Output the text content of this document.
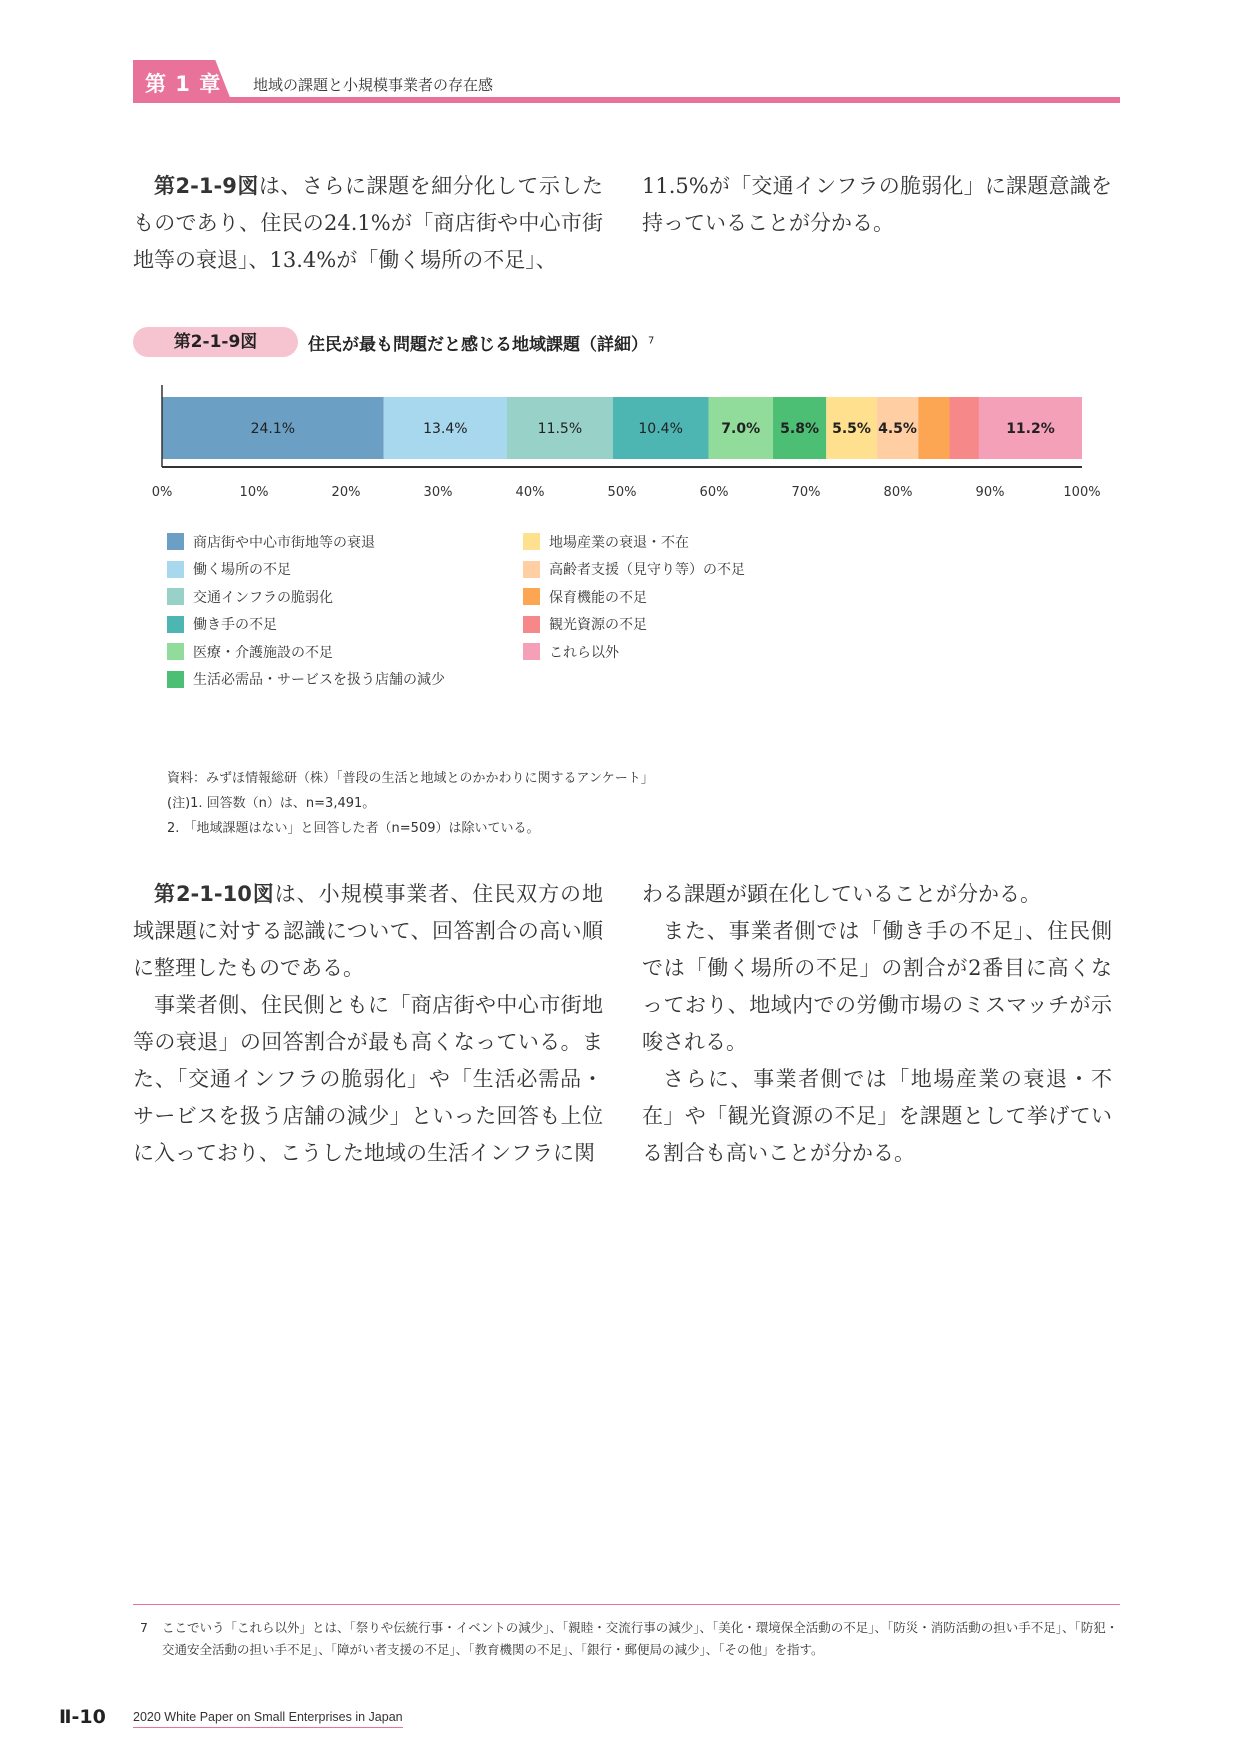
第 1 章 地域の課題と小規模事業者の存在感

第2-1-9図は、さらに課題を細分化して示したものであり、住民の24.1%が「商店街や中心市街地等の衰退」、13.4%が「働く場所の不足」、

11.5%が「交通インフラの脆弱化」に課題意識を持っていることが分かる。

第2-1-9図	住民が最も問題だと感じる地域課題（詳細）$^7$
24.1%	13.4%	11.5%	10.4%	7.0% 5.8% 5.5% 4.5%	11.2%
0%	10%	20%	30%	40%	50%	60%	70%	80%	90%	100%
商店街や中心市街地等の衰退
働く場所の不足
交通インフラの脆弱化
働き手の不足
医療・介護施設の不足
生活必需品・サービスを扱う店舗の減少
地場産業の衰退・不在
高齢者支援（見守り等）の不足
保育機能の不足
観光資源の不足
これら以外
資料：みずほ情報総研（株）「普段の生活と地域とのかかわりに関するアンケート」
(注)1. 回答数（n）は、n=3,491。
2. 「地域課題はない」と回答した者（n=509）は除いている。

第2-1-10図は、小規模事業者、住民双方の地域課題に対する認識について、回答割合の高い順に整理したものである。

事業者側、住民側ともに「商店街や中心市街地等の衰退」の回答割合が最も高くなっている。また、「交通インフラの脆弱化」や「生活必需品・サービスを扱う店舗の減少」といった回答も上位に入っており、こうした地域の生活インフラに関

わる課題が顕在化していることが分かる。

また、事業者側では「働き手の不足」、住民側では「働く場所の不足」の割合が2番目に高くなっており、地域内での労働市場のミスマッチが示唆される。

さらに、事業者側では「地場産業の衰退・不在」や「観光資源の不足」を課題として挙げている割合も高いことが分かる。

7 ここでいう「これら以外」とは、「祭りや伝統行事・イベントの減少」、「親睦・交流行事の減少」、「美化・環境保全活動の不足」、「防災・消防活動の担い手不足」、「防犯・交通安全活動の担い手不足」、「障がい者支援の不足」、「教育機関の不足」、「銀行・郵便局の減少」、「その他」を指す。
Ⅱ-10 2020 White Paper on Small Enterprises in Japan
